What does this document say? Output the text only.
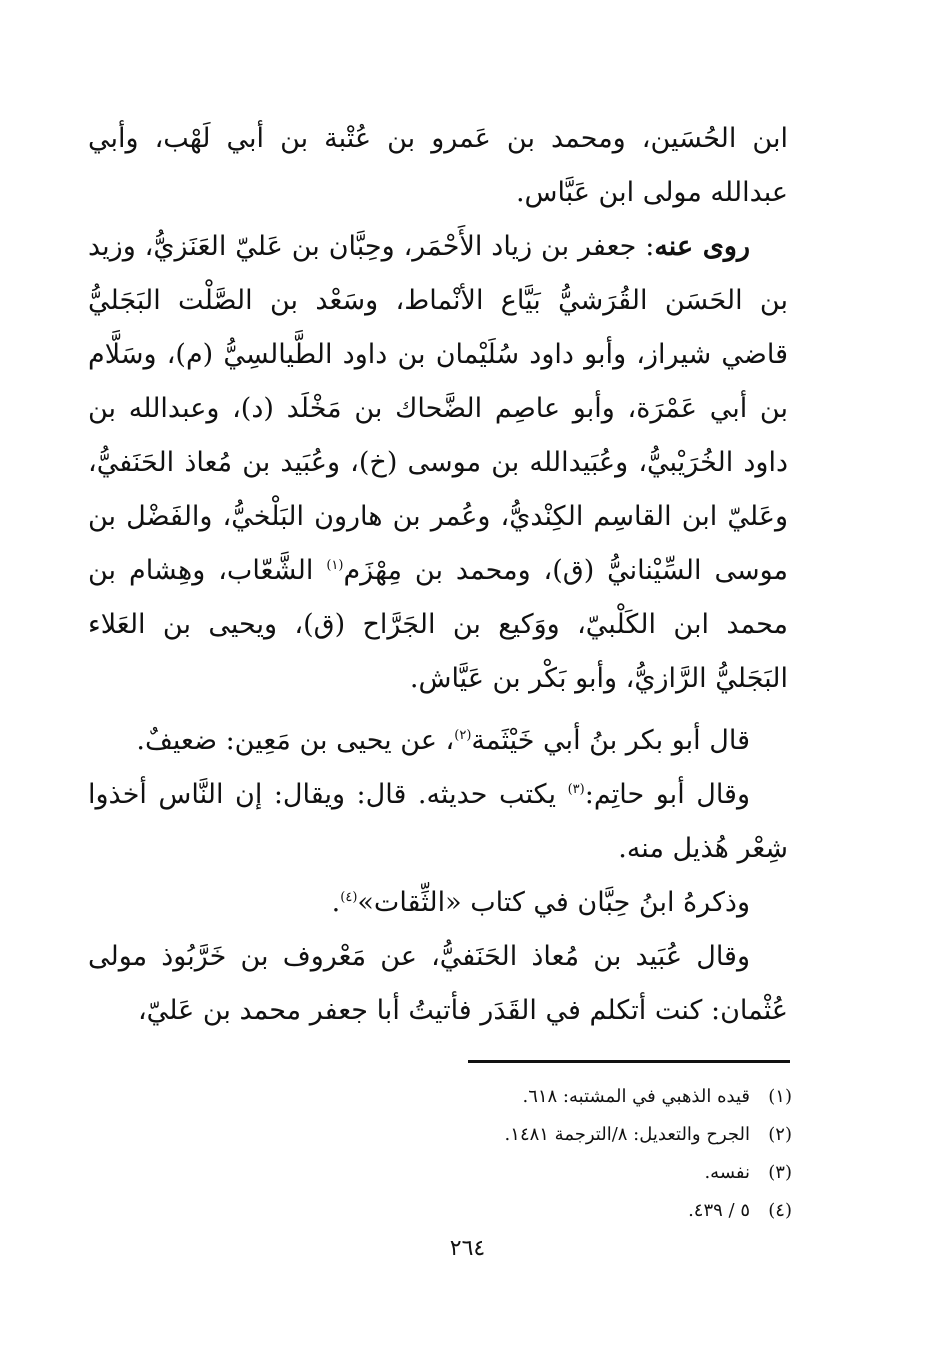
ابن الحُسَين، ومحمد بن عَمرو بن عُتْبة بن أبي لَهْب، وأبي عبدالله مولى ابن عَبَّاس.

روى عنه: جعفر بن زياد الأَحْمَر، وحِبَّان بن عَليّ العَنَزيُّ، وزيد بن الحَسَن القُرَشيُّ بَيَّاع الأنْماط، وسَعْد بن الصَّلْت البَجَليُّ قاضي شيراز، وأبو داود سُلَيْمان بن داود الطَّيالسِيُّ (م)، وسَلَّام بن أبي عَمْرَة، وأبو عاصِم الضَّحاك بن مَخْلَد (د)، وعبدالله بن داود الخُرَيْبيُّ، وعُبَيدالله بن موسى (خ)، وعُبَيد بن مُعاذ الحَنَفيُّ، وعَليّ ابن القاسِم الكِنْديُّ، وعُمر بن هارون البَلْخيُّ، والفَضْل بن موسى السِّيْنانيُّ (ق)، ومحمد بن مِهْزَم$^{(١)}$ الشَّعّاب، وهِشام بن محمد ابن الكَلْبيّ، ووَكيع بن الجَرَّاح (ق)، ويحيى بن العَلاء البَجَليُّ الرَّازيُّ، وأبو بَكْر بن عَيَّاش.

قال أبو بكر بنُ أبي خَيْثَمة$^{(٢)}$، عن يحيى بن مَعِين: ضعيفٌ.

وقال أبو حاتِم:$^{(٣)}$ يكتب حديثه. قال: ويقال: إن النَّاس أخذوا شِعْر هُذيل منه.

وذكرهُ ابنُ حِبَّان في كتاب «الثِّقات»$^{(٤)}$.

وقال عُبَيد بن مُعاذ الحَنَفيُّ، عن مَعْروف بن خَرَّبُوذ مولى عُثْمان: كنت أتكلم في القَدَر فأتيتُ أبا جعفر محمد بن عَليّ،

(١)قيده الذهبي في المشتبه: ٦١٨.
(٢)الجرح والتعديل: ٨/الترجمة ١٤٨١.
(٣)نفسه.
(٤)٥ / ٤٣٩.
٢٦٤
